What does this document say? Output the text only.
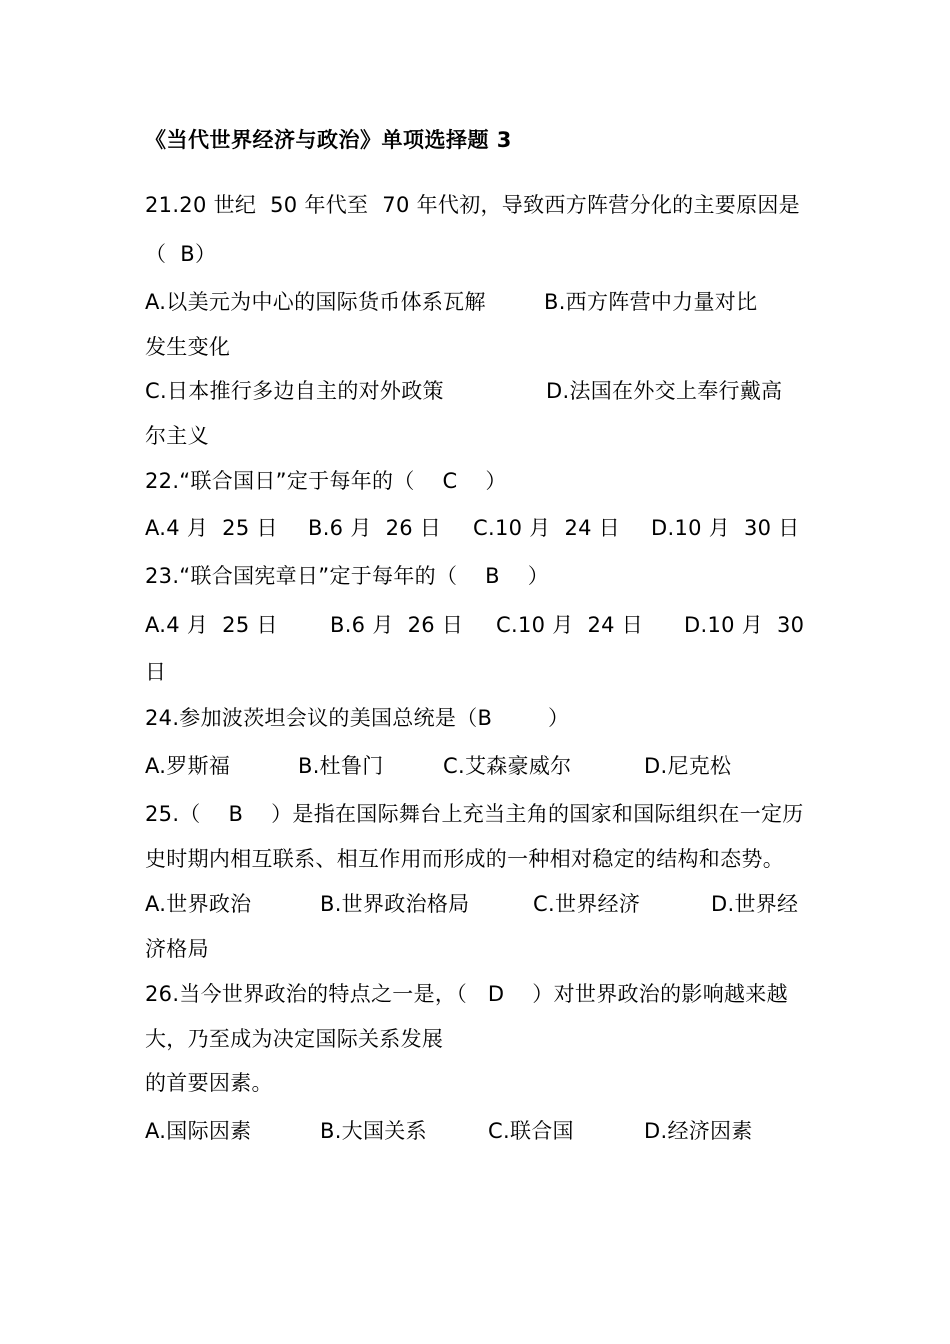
《当代世界经济与政治》单项选择题 3
21.20 世纪  50 年代至  70 年代初，导致西方阵营分化的主要原因是
（  B）
A.以美元为中心的国际货币体系瓦解	B.西方阵营中力量对比
发生变化
C.日本推行多边自主的对外政策	D.法国在外交上奉行戴高
尔主义
22.“联合国日”定于每年的（    C    ）
A.4 月  25 日 B.6 月  26 日 C.10 月  24 日 D.10 月  30 日
23.“联合国宪章日”定于每年的（    B    ）
A.4 月  25 日 B.6 月  26 日 C.10 月  24 日 D.10 月  30
日
24.参加波茨坦会议的美国总统是（B        ）
A.罗斯福	B.杜鲁门	C.艾森豪威尔	D.尼克松
25.（    B    ）是指在国际舞台上充当主角的国家和国际组织在一定历
史时期内相互联系、相互作用而形成的一种相对稳定的结构和态势。
A.世界政治	B.世界政治格局	C.世界经济	D.世界经
济格局
26.当今世界政治的特点之一是，（   D    ）对世界政治的影响越来越
大，乃至成为决定国际关系发展
的首要因素。
A.国际因素	B.大国关系	C.联合国	D.经济因素
